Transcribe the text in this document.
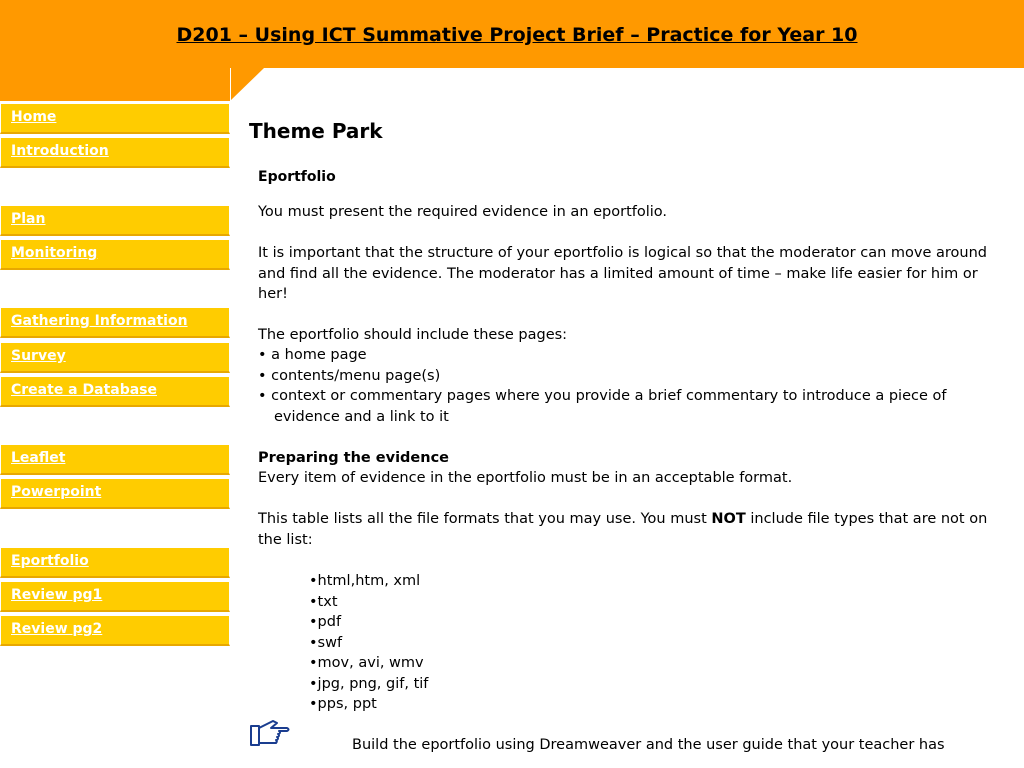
D201 – Using ICT Summative Project Brief – Practice for Year 10
Home
Introduction
Plan
Monitoring
Gathering Information
Survey
Create a Database
Leaflet
Powerpoint
Eportfolio
Review pg1
Review pg2
Theme Park
Eportfolio
You must present the required evidence in an eportfolio.
It is important that the structure of your eportfolio is logical so that the moderator can move around and find all the evidence. The moderator has a limited amount of time – make life easier for him or her!
The eportfolio should include these pages:
• a home page
• contents/menu page(s)
• context or commentary pages where you provide a brief commentary to introduce a piece of
evidence and a link to it
Preparing the evidence
Every item of evidence in the eportfolio must be in an acceptable format.
This table lists all the file formats that you may use. You must NOT include file types that are not on the list:
•html,htm, xml
•txt
•pdf
•swf
•mov, avi, wmv
•jpg, png, gif, tif
•pps, ppt
Build the eportfolio using Dreamweaver and the user guide that your teacher has
